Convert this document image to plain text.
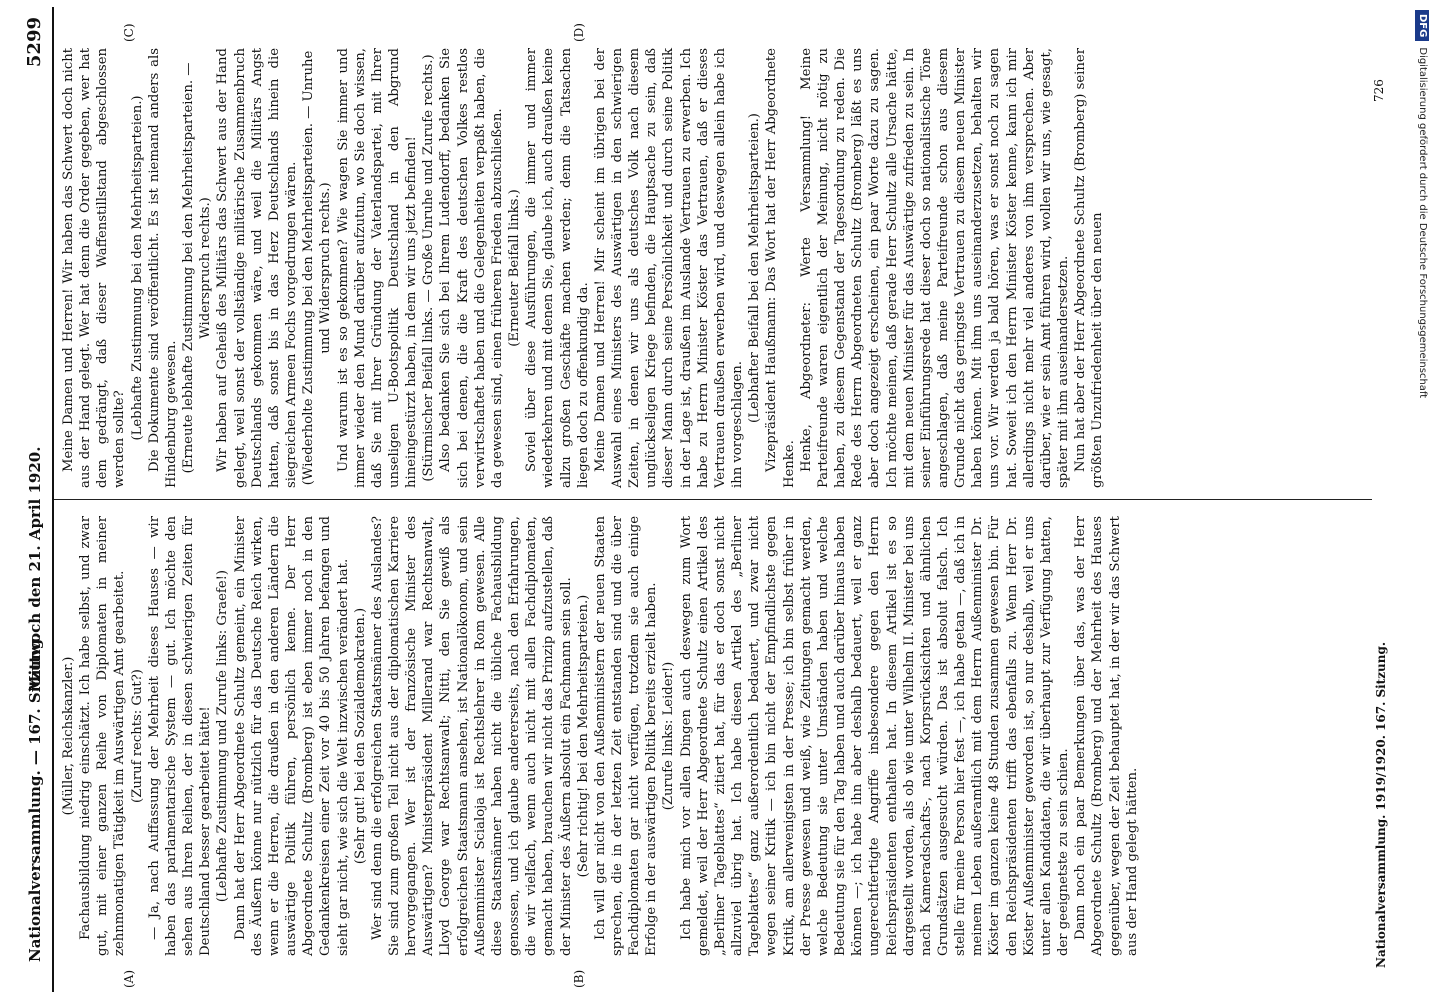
Nationalversammlung. — 167. Sitzung.
Mittwoch den 21. April 1920.
5299
(A)	(B)
(C)	(D)

(Müller, Reichskanzler.) Fachausbildung niedrig einschätzt. Ich habe selbst, und zwar gut, mit einer ganzen Reihe von Diplomaten in meiner zehnmonatigen Tätigkeit im Auswärtigen Amt gearbeitet. (Zuruf rechts: Gut?) — Ja, nach Auffassung der Mehrheit dieses Hauses — wir haben das parlamentarische System — gut. Ich möchte den sehen aus Ihren Reihen, der in diesen schwierigen Zeiten für Deutschland besser gearbeitet hätte! (Lebhafte Zustimmung und Zurufe links: Graefe!) Dann hat der Herr Abgeordnete Schultz gemeint, ein Minister des Äußern könne nur nützlich für das Deutsche Reich wirken, wenn er die Herren, die draußen in den anderen Ländern die auswärtige Politik führen, persönlich kenne. Der Herr Abgeordnete Schultz (Bromberg) ist eben immer noch in den Gedankenkreisen einer Zeit vor 40 bis 50 Jahren befangen und sieht gar nicht, wie sich die Welt inzwischen verändert hat. (Sehr gut! bei den Sozialdemokraten.) Wer sind denn die erfolgreichen Staatsmänner des Auslandes? Sie sind zum großen Teil nicht aus der diplomatischen Karriere hervorgegangen. Wer ist der französische Minister des Auswärtigen? Ministerpräsident Millerand war Rechtsanwalt, Lloyd George war Rechtsanwalt; Nitti, den Sie gewiß als erfolgreichen Staatsmann ansehen, ist Nationalökonom, und sein Außenminister Scialoja ist Rechtslehrer in Rom gewesen. Alle diese Staatsmänner haben nicht die übliche Fachausbildung genossen, und ich glaube andererseits, nach den Erfahrungen, die wir vielfach, wenn auch nicht mit allen Fachdiplomaten, gemacht haben, brauchen wir nicht das Prinzip aufzustellen, daß der Minister des Äußern absolut ein Fachmann sein soll. (Sehr richtig! bei den Mehrheitsparteien.) Ich will gar nicht von den Außenministern der neuen Staaten sprechen, die in der letzten Zeit entstanden sind und die über Fachdiplomaten gar nicht verfügen, trotzdem sie auch einige Erfolge in der auswärtigen Politik bereits erzielt haben. (Zurufe links: Leider!) Ich habe mich vor allen Dingen auch deswegen zum Wort gemeldet, weil der Herr Abgeordnete Schultz einen Artikel des „Berliner Tageblattes“ zitiert hat, für das er doch sonst nicht allzuviel übrig hat. Ich habe diesen Artikel des „Berliner Tageblattes“ ganz außerordentlich bedauert, und zwar nicht wegen seiner Kritik — ich bin nicht der Empfindlichste gegen Kritik, am allerwenigsten in der Presse; ich bin selbst früher in der Presse gewesen und weiß, wie Zeitungen gemacht werden, welche Bedeutung sie unter Umständen haben und welche Bedeutung sie für den Tag haben und auch darüber hinaus haben können —; ich habe ihn aber deshalb bedauert, weil er ganz ungerechtfertigte Angriffe insbesondere gegen den Herrn Reichspräsidenten enthalten hat. In diesem Artikel ist es so dargestellt worden, als ob wie unter Wilhelm II. Minister bei uns nach Kameradschafts-, nach Korpsrücksichten und ähnlichen Grundsätzen ausgesucht würden. Das ist absolut falsch. Ich stelle für meine Person hier fest —, ich habe getan —, daß ich in meinem Leben außeramtlich mit dem Herrn Außenminister Dr. Köster im ganzen keine 48 Stunden zusammen gewesen bin. Für den Reichspräsidenten trifft das ebenfalls zu. Wenn Herr Dr. Köster Außenminister geworden ist, so nur deshalb, weil er uns unter allen Kandidaten, die wir überhaupt zur Verfügung hatten, der geeignetste zu sein schien. Dann noch ein paar Bemerkungen über das, was der Herr Abgeordnete Schultz (Bromberg) und der Mehrheit des Hauses gegenüber, wegen der Zeit behauptet hat, in der wir das Schwert aus der Hand gelegt hätten.

Meine Damen und Herren! Wir haben das Schwert doch nicht aus der Hand gelegt. Wer hat denn die Order gegeben, wer hat dem gedrängt, daß dieser Waffenstillstand abgeschlossen werden sollte? (Lebhafte Zustimmung bei den Mehrheitsparteien.) Die Dokumente sind veröffentlicht. Es ist niemand anders als Hindenburg gewesen. (Erneute lebhafte Zustimmung bei den Mehrheitsparteien. — Widerspruch rechts.) Wir haben auf Geheiß des Militärs das Schwert aus der Hand gelegt, weil sonst der vollständige militärische Zusammenbruch Deutschlands gekommen wäre, und weil die Militärs Angst hatten, daß sonst bis in das Herz Deutschlands hinein die siegreichen Armeen Fochs vorgedrungen wären. (Wiederholte Zustimmung bei den Mehrheitsparteien. — Unruhe und Widerspruch rechts.) Und warum ist es so gekommen? Wie wagen Sie immer und immer wieder den Mund darüber aufzutun, wo Sie doch wissen, daß Sie mit Ihrer Gründung der Vaterlandspartei, mit Ihrer unseligen U-Bootspolitik Deutschland in den Abgrund hineingestürzt haben, in dem wir uns jetzt befinden! (Stürmischer Beifall links. — Große Unruhe und Zurufe rechts.) Also bedanken Sie sich bei Ihrem Ludendorff, bedanken Sie sich bei denen, die die Kraft des deutschen Volkes restlos verwirtschaftet haben und die Gelegenheiten verpaßt haben, die da gewesen sind, einen früheren Frieden abzuschließen. (Erneuter Beifall links.) Soviel über diese Ausführungen, die immer und immer wiederkehren und mit denen Sie, glaube ich, auch draußen keine allzu großen Geschäfte machen werden; denn die Tatsachen liegen doch zu offenkundig da. Meine Damen und Herren! Mir scheint im übrigen bei der Auswahl eines Ministers des Auswärtigen in den schwierigen Zeiten, in denen wir uns als deutsches Volk nach diesem unglückseligen Kriege befinden, die Hauptsache zu sein, daß dieser Mann durch seine Persönlichkeit und durch seine Politik in der Lage ist, draußen im Auslande Vertrauen zu erwerben. Ich habe zu Herrn Minister Köster das Vertrauen, daß er dieses Vertrauen draußen erwerben wird, und deswegen allein habe ich ihn vorgeschlagen.

(Lebhafter Beifall bei den Mehrheitsparteien.) Vizepräsident Haußmann: Das Wort hat der Herr Abgeordnete Henke. Henke, Abgeordneter: Werte Versammlung! Meine Parteifreunde waren eigentlich der Meinung, nicht nötig zu haben, zu diesem Gegenstand der Tagesordnung zu reden. Die Rede des Herrn Abgeordneten Schultz (Bromberg) läßt es uns aber doch angezeigt erscheinen, ein paar Worte dazu zu sagen. Ich möchte meinen, daß gerade Herr Schultz alle Ursache hätte, mit dem neuen Minister für das Auswärtige zufrieden zu sein. In seiner Einführungsrede hat dieser doch so nationalistische Töne angeschlagen, daß meine Parteifreunde schon aus diesem Grunde nicht das geringste Vertrauen zu diesem neuen Minister haben können. Mit ihm uns auseinanderzusetzen, behalten wir uns vor. Wir werden ja bald hören, was er sonst noch zu sagen hat. Soweit ich den Herrn Minister Köster kenne, kann ich mir allerdings nicht mehr viel anderes von ihm versprechen. Aber darüber, wie er sein Amt führen wird, wollen wir uns, wie gesagt, später mit ihm auseinandersetzen. Nun hat aber der Herr Abgeordnete Schultz (Bromberg) seiner größten Unzufriedenheit über den neuen

Nationalversammlung. 1919/1920. 167. Sitzung.
726
DFGDigitalisierung gefördert durch die Deutsche Forschungsgemeinschaft
